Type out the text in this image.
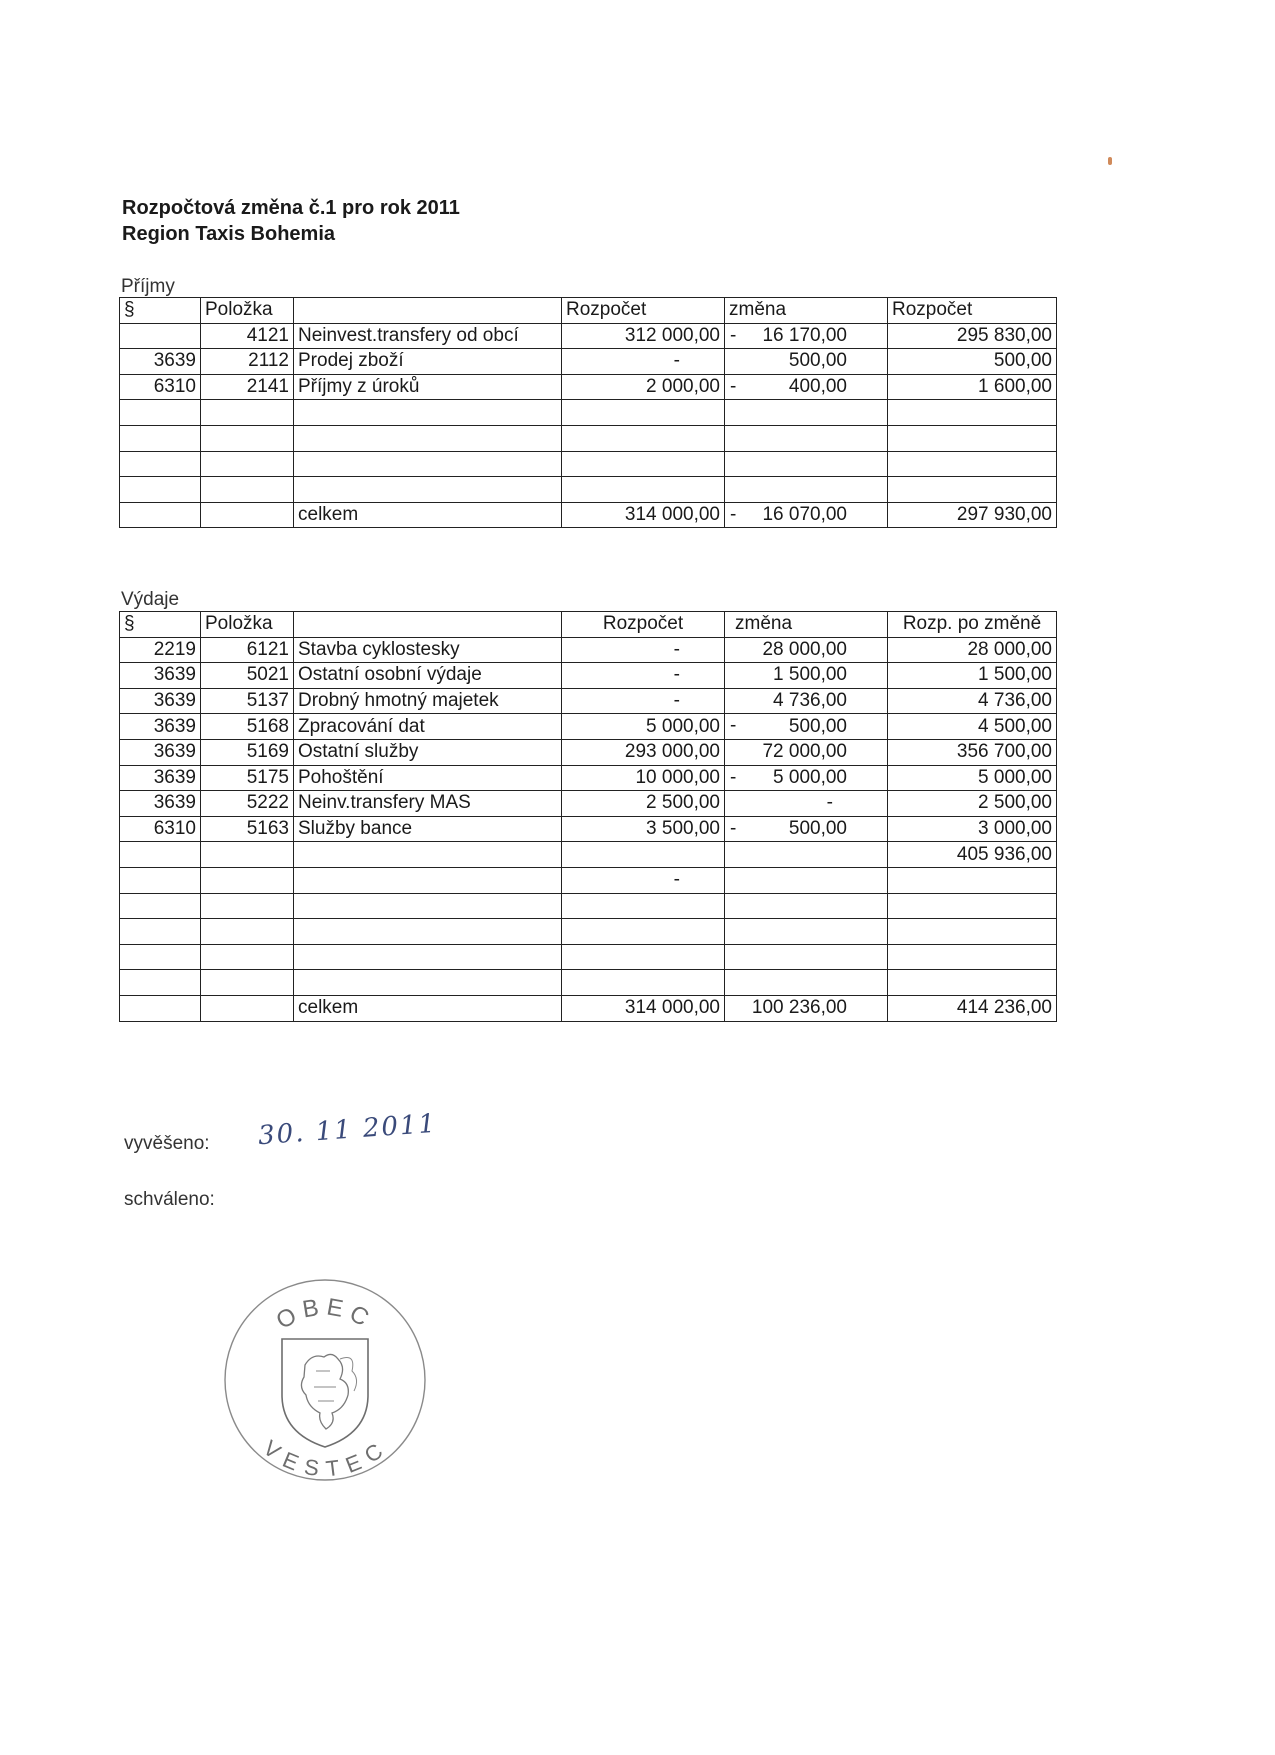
Rozpočtová změna č.1 pro rok 2011
Region Taxis Bohemia
Příjmy
§	Položka		Rozpočet	změna	Rozpočet
	4121	Neinvest.transfery od obcí	312 000,00	- 16 170,00	295 830,00
3639	2112	Prodej zboží	-	500,00	500,00
6310	2141	Příjmy z úroků	2 000,00	- 400,00	1 600,00

		celkem	314 000,00	- 16 070,00	297 930,00
Výdaje
§	Položka		Rozpočet	změna	Rozp. po změně
2219	6121	Stavba cyklostesky	-	28 000,00	28 000,00
3639	5021	Ostatní osobní výdaje	-	1 500,00	1 500,00
3639	5137	Drobný hmotný majetek	-	4 736,00	4 736,00
3639	5168	Zpracování dat	5 000,00	- 500,00	4 500,00
3639	5169	Ostatní služby	293 000,00	72 000,00	356 700,00
3639	5175	Pohoštění	10 000,00	- 5 000,00	5 000,00
3639	5222	Neinv.transfery MAS	2 500,00	-	2 500,00
6310	5163	Služby bance	3 500,00	- 500,00	3 000,00
					405 936,00
			-		

		celkem	314 000,00	100 236,00	414 236,00
vyvěšeno: 30. 11 2011
schváleno:
OBEC
VESTEC
